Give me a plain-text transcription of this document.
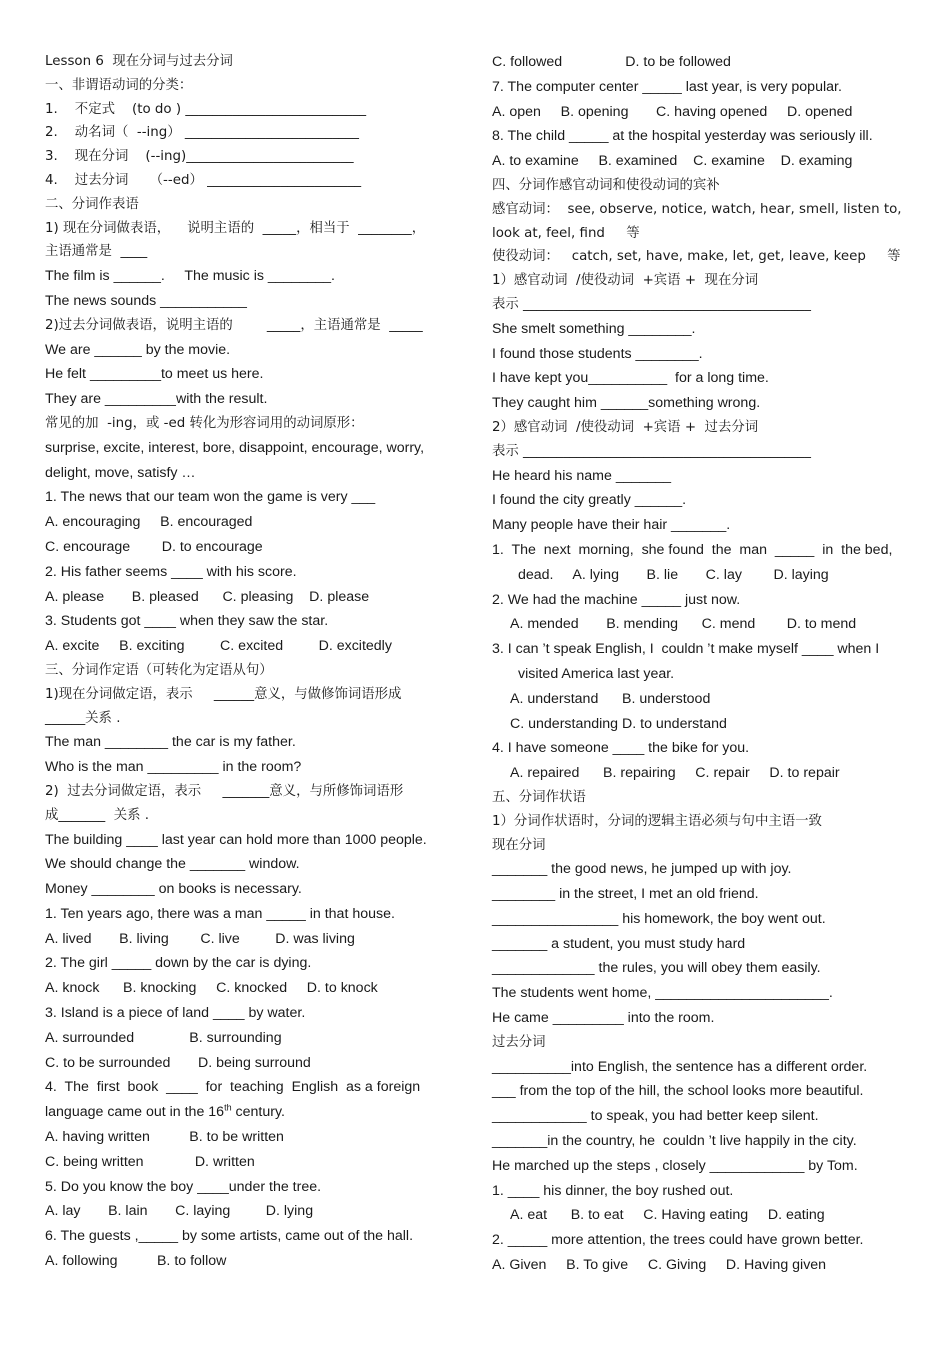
Lesson 6  现在分词与过去分词
一、非谓语动词的分类：
1.    不定式    (to do ) ___________________________
2.    动名词（  --ing） __________________________
3.    现在分词    (--ing)_________________________
4.    过去分词     （--ed） _______________________
二、分词作表语
1) 现在分词做表语，    说明主语的  _____，相当于  ________，
主语通常是  ____
The film is ______.     The music is ________.
The news sounds ___________
2)过去分词做表语，说明主语的        _____，主语通常是  _____
We are ______ by the movie.
He felt _________to meet us here.
They are _________with the result.
常见的加  -ing，或 -ed 转化为形容词用的动词原形：
surprise, excite, interest, bore, disappoint, encourage, worry,
delight, move, satisfy …
1. The news that our team won the game is very ___
A. encouraging     B. encouraged
C. encourage        D. to encourage
2. His father seems ____ with his score.
A. please       B. pleased      C. pleasing    D. please
3. Students got ____ when they saw the star.
A. excite     B. exciting         C. excited         D. excitedly
三、分词作定语（可转化为定语从句）
1)现在分词做定语，表示     ______意义，与做修饰词语形成
______关系 .
The man ________ the car is my father.
Who is the man _________ in the room?
2)  过去分词做定语，表示     _______意义，与所修饰词语形
成_______  关系 .
The building ____ last year can hold more than 1000 people.
We should change the _______ window.
Money ________ on books is necessary.
1. Ten years ago, there was a man _____ in that house.
A. lived       B. living        C. live         D. was living
2. The girl _____ down by the car is dying.
A. knock      B. knocking     C. knocked     D. to knock
3. Island is a piece of land ____ by water.
A. surrounded              B. surrounding
C. to be surrounded       D. being surround
4.  The  first  book  ____  for  teaching  English  as a foreign
language came out in the 16th century.
A. having written          B. to be written
C. being written             D. written
5. Do you know the boy ____under the tree.
A. lay       B. lain       C. laying         D. lying
6. The guests ,_____ by some artists, came out of the hall.
A. following          B. to follow
C. followed                D. to be followed
7. The computer center _____ last year, is very popular.
A. open     B. opening       C. having opened     D. opened
8. The child _____ at the hospital yesterday was seriously ill.
A. to examine     B. examined    C. examine    D. examing
四、分词作感官动词和使役动词的宾补
感官动词：  see, observe, notice, watch, hear, smell, listen to,
look at, feel, find     等
使役动词：   catch, set, have, make, let, get, leave, keep     等
1）感官动词  /使役动词  +宾语 +  现在分词
表示 ___________________________________________
She smelt something ________.
I found those students ________.
I have kept you__________  for a long time.
They caught him ______something wrong.
2）感官动词  /使役动词  +宾语 +  过去分词
表示 ___________________________________________
He heard his name _______
I found the city greatly ______.
Many people have their hair _______.
1.  The  next  morning,  she found  the  man  _____  in  the bed,
dead.     A. lying       B. lie       C. lay        D. laying
2. We had the machine _____ just now.
A. mended       B. mending      C. mend        D. to mend
3. I can ’t speak English, I  couldn ’t make myself ____ when I
visited America last year.
A. understand      B. understood
C. understanding D. to understand
4. I have someone ____ the bike for you.
A. repaired      B. repairing     C. repair     D. to repair
五、分词作状语
1）分词作状语时，分词的逻辑主语必须与句中主语一致
现在分词
_______ the good news, he jumped up with joy.
________ in the street, I met an old friend.
________________ his homework, the boy went out.
_______ a student, you must study hard
_____________ the rules, you will obey them easily.
The students went home, ______________________.
He came _________ into the room.
过去分词
__________into English, the sentence has a different order.
___ from the top of the hill, the school looks more beautiful.
____________ to speak, you had better keep silent.
_______in the country, he  couldn ’t live happily in the city.
He marched up the steps , closely ____________ by Tom.
1. ____ his dinner, the boy rushed out.
A. eat      B. to eat     C. Having eating     D. eating
2. _____ more attention, the trees could have grown better.
A. Given     B. To give     C. Giving     D. Having given
